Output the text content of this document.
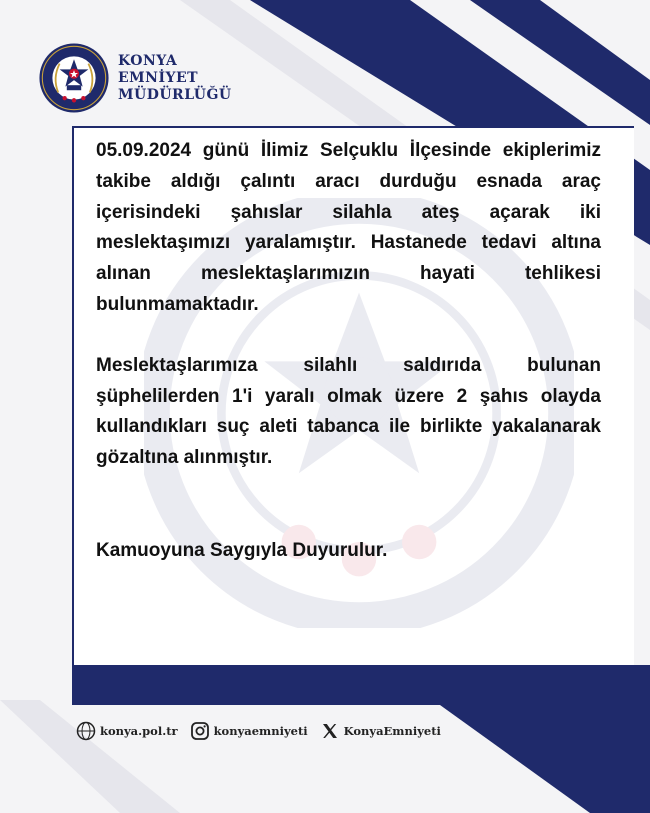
KONYA
EMNİYET
MÜDÜRLÜĞÜ

05.09.2024 günü İlimiz Selçuklu İlçesinde ekiplerimiz takibe aldığı çalıntı aracı durduğu esnada araç içerisindeki şahıslar silahla ateş açarak iki meslektaşımızı yaralamıştır. Hastanede tedavi altına alınan meslektaşlarımızın hayati tehlikesi bulunmamaktadır.

Meslektaşlarımıza silahlı saldırıda bulunan şüphelilerden 1'i yaralı olmak üzere 2 şahıs olayda kullandıkları suç aleti tabanca ile birlikte yakalanarak gözaltına alınmıştır.

Kamuoyuna Saygıyla Duyurulur.

konya.pol.tr	konyaemniyeti	KonyaEmniyeti
